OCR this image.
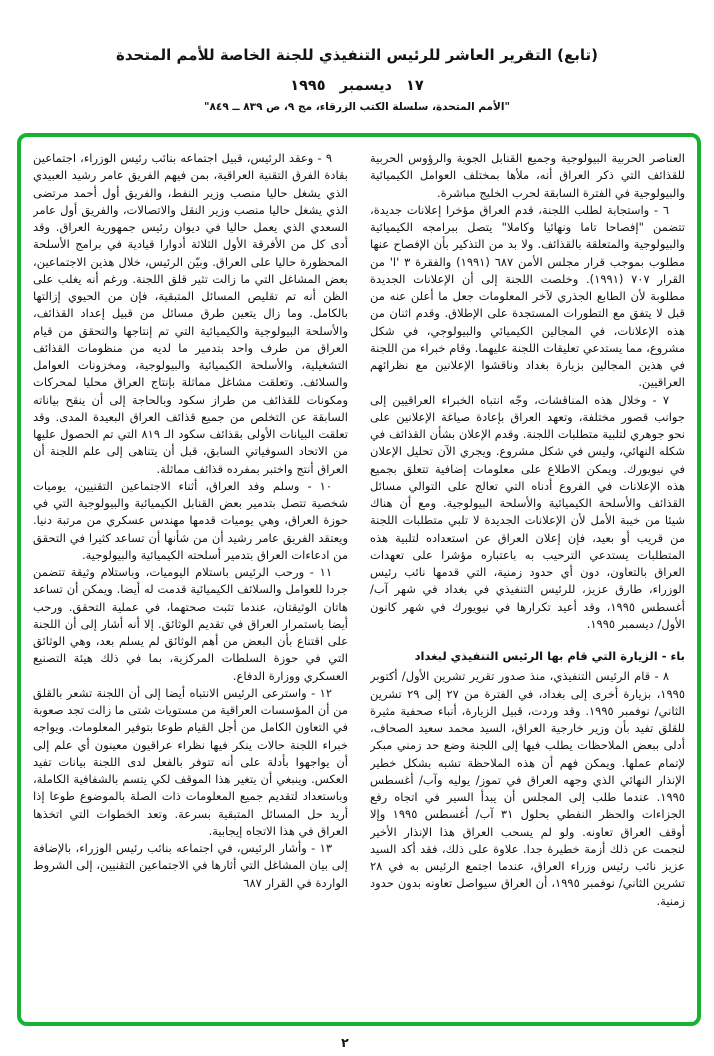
(تابع) التقرير العاشر للرئيس التنفيذي للجنة الخاصة للأمم المتحدة
١٧ ديسمبر ١٩٩٥
"الأمم المتحدة، سلسلة الكتب الزرقاء، مج ٩، ص ٨٣٩ ــ ٨٤٩"

العناصر الحربية البيولوجية وجميع القنابل الجوية والرؤوس الحربية للقذائف التي ذكر العراق أنه، ملأها بمختلف العوامل الكيميائية والبيولوجية في الفترة السابقة لحرب الخليج مباشرة.

٦ - واستجابة لطلب اللجنة، قدم العراق مؤخرا إعلانات جديدة، تتضمن "إفصاحا تاما ونهائيا وكاملا" يتصل ببرامجه الكيميائية والبيولوجية والمتعلقة بالقذائف. ولا بد من التذكير بأن الإفصاح عنها مطلوب بموجب قرار مجلس الأمن ٦٨٧ (١٩٩١) والفقرة ٣ 'ا' من القرار ٧٠٧ (١٩٩١). وخلصت اللجنة إلى أن الإعلانات الجديدة مطلوبة لأن الطابع الجذري لآخر المعلومات جعل ما أعلن عنه من قبل لا يتفق مع التطورات المستجدة على الإطلاق. وقدم اثنان من هذه الإعلانات، في المجالين الكيميائي والبيولوجي، في شكل مشروع، مما يستدعي تعليقات اللجنة عليهما. وقام خبراء من اللجنة في هذين المجالين بزيارة بغداد وناقشوا الإعلانين مع نظرائهم العراقيين.

٧ - وخلال هذه المناقشات، وجّه انتباه الخبراء العراقيين إلى جوانب قصور مختلفة، وتعهد العراق بإعادة صياغة الإعلانين على نحو جوهري لتلبية متطلبات اللجنة. وقدم الإعلان بشأن القذائف في شكله النهائي، وليس في شكل مشروع. ويجري الآن تحليل الإعلان في نيويورك. ويمكن الاطلاع على معلومات إضافية تتعلق بجميع هذه الإعلانات في الفروع أدناه التي تعالج على التوالي مسائل القذائف والأسلحة الكيميائية والأسلحة البيولوجية. ومع أن هناك شيئا من خيبة الأمل لأن الإعلانات الجديدة لا تلبي متطلبات اللجنة من قريب أو بعيد، فإن إعلان العراق عن استعداده لتلبية هذه المتطلبات يستدعي الترحيب به باعتباره مؤشرا على تعهدات العراق بالتعاون، دون أي حدود زمنية، التي قدمها نائب رئيس الوزراء، طارق عزيز، للرئيس التنفيذي في بغداد في شهر آب/ أغسطس ١٩٩٥، وقد أعيد تكرارها في نيويورك في شهر كانون الأول/ ديسمبر ١٩٩٥.

باء - الزيارة التي قام بها الرئيس التنفيذي لبغداد

٨ - قام الرئيس التنفيذي، منذ صدور تقرير تشرين الأول/ أكتوبر ١٩٩٥، بزيارة أخرى إلى بغداد، في الفترة من ٢٧ إلى ٢٩ تشرين الثاني/ نوفمبر ١٩٩٥. وقد وردت، قبيل الزيارة، أنباء صحفية مثيرة للقلق تفيد بأن وزير خارجية العراق، السيد محمد سعيد الصحاف، أدلى ببعض الملاحظات يطلب فيها إلى اللجنة وضع حد زمني مبكر لإتمام عملها. ويمكن فهم أن هذه الملاحظة تشبه بشكل خطير الإنذار النهائي الذي وجهه العراق في تموز/ يوليه وآب/ أغسطس ١٩٩٥. عندما طلب إلى المجلس أن يبدأ السير في اتجاه رفع الجزاءات والحظر النفطي بحلول ٣١ آب/ أغسطس ١٩٩٥ وإلا أوقف العراق تعاونه. ولو لم يسحب العراق هذا الإنذار الأخير لنجمت عن ذلك أزمة خطيرة جدا. علاوة على ذلك، فقد أكد السيد عزيز نائب رئيس وزراء العراق، عندما اجتمع الرئيس به في ٢٨ تشرين الثاني/ نوفمبر ١٩٩٥، أن العراق سيواصل تعاونه بدون حدود زمنية.

٩ - وعقد الرئيس، قبيل اجتماعه بنائب رئيس الوزراء، اجتماعين بقادة الفرق التقنية العراقية، بمن فيهم الفريق عامر رشيد العبيدي الذي يشغل حاليا منصب وزير النفط، والفريق أول أحمد مرتضى الذي يشغل حاليا منصب وزير النقل والاتصالات، والفريق أول عامر السعدي الذي يعمل حاليا في ديوان رئيس جمهورية العراق. وقد أدى كل من الأفرقة الأول الثلاثة أدوارا قيادية في برامج الأسلحة المحظورة حاليا على العراق. وبيّن الرئيس، خلال هذين الاجتماعين، بعض المشاغل التي ما زالت تثير قلق اللجنة. ورغم أنه يغلب على الظن أنه تم تقليص المسائل المتبقية، فإن من الحيوي إزالتها بالكامل. وما زال يتعين طرق مسائل من قبيل إعداد القذائف، والأسلحة البيولوجية والكيميائية التي تم إنتاجها والتحقق من قيام العراق من طرف واحد بتدمير ما لديه من منظومات القذائف التشغيلية، والأسلحة الكيميائية والبيولوجية، ومخزونات العوامل والسلائف. وتعلقت مشاغل مماثلة بإنتاج العراق محليا لمحركات ومكونات للقذائف من طراز سكود وبالحاجة إلى أن ينقح بياناته السابقة عن التخلص من جميع قذائف العراق البعيدة المدى. وقد تعلقت البيانات الأولى بقذائف سكود الـ ٨١٩ التي تم الحصول عليها من الاتحاد السوفياتي السابق، قبل أن يتناهى إلى علم اللجنة أن العراق أنتج واختبر بمفرده قذائف مماثلة.

١٠ - وسلم وفد العراق، أثناء الاجتماعين التقنيين، يوميات شخصية تتصل بتدمير بعض القنابل الكيميائية والبيولوجية التي في حوزة العراق، وهي يوميات قدمها مهندس عسكري من مرتبة دنيا. ويعتقد الفريق عامر رشيد أن من شأنها أن تساعد كثيرا في التحقق من ادعاءات العراق بتدمير أسلحته الكيميائية والبيولوجية.

١١ - ورحب الرئيس باستلام اليوميات، وباستلام وثيقة تتضمن جردا للعوامل والسلائف الكيميائية قدمت له أيضا. ويمكن أن تساعد هاتان الوثيقتان، عندما تثبت صحتهما، في عملية التحقق. ورحب أيضا باستمرار العراق في تقديم الوثائق. إلا أنه أشار إلى أن اللجنة على اقتناع بأن البعض من أهم الوثائق لم يسلم بعد، وهي الوثائق التي في حوزة السلطات المركزية، بما في ذلك هيئة التصنيع العسكري ووزارة الدفاع.

١٢ - واسترعى الرئيس الانتباه أيضا إلى أن اللجنة تشعر بالقلق من أن المؤسسات العراقية من مستويات شتى ما زالت تجد صعوبة في التعاون الكامل من أجل القيام طوعا بتوفير المعلومات. ويواجه خبراء اللجنة حالات ينكر فيها نظراء عراقيون معينون أي علم إلى أن يواجهوا بأدلة على أنه تتوفر بالفعل لدى اللجنة بيانات تفيد العكس. وينبغي أن يتغير هذا الموقف لكي يتسم بالشفافية الكاملة، وباستعداد لتقديم جميع المعلومات ذات الصلة بالموضوع طوعا إذا أريد حل المسائل المتبقية بسرعة. وتعد الخطوات التي اتخذها العراق في هذا الاتجاه إيجابية.

١٣ - وأشار الرئيس، في اجتماعه بنائب رئيس الوزراء، بالإضافة إلى بيان المشاغل التي أثارها في الاجتماعين التقنيين، إلى الشروط الواردة في القرار ٦٨٧

٢
